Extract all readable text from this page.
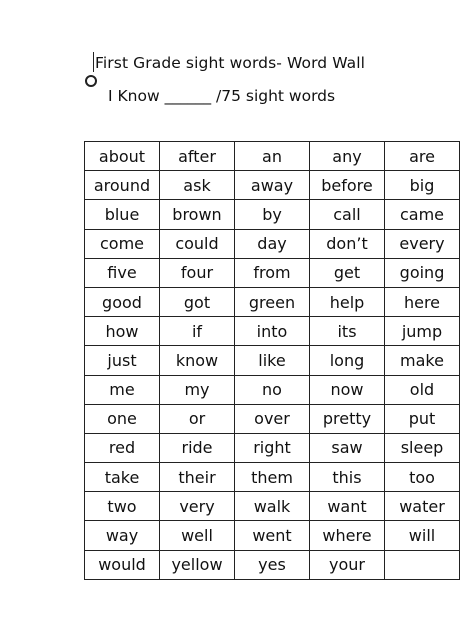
First Grade sight words- Word Wall
I Know ______ /75 sight words
about	after	an	any	are
around	ask	away	before	big
blue	brown	by	call	came
come	could	day	don’t	every
five	four	from	get	going
good	got	green	help	here
how	if	into	its	jump
just	know	like	long	make
me	my	no	now	old
one	or	over	pretty	put
red	ride	right	saw	sleep
take	their	them	this	too
two	very	walk	want	water
way	well	went	where	will
would	yellow	yes	your	
